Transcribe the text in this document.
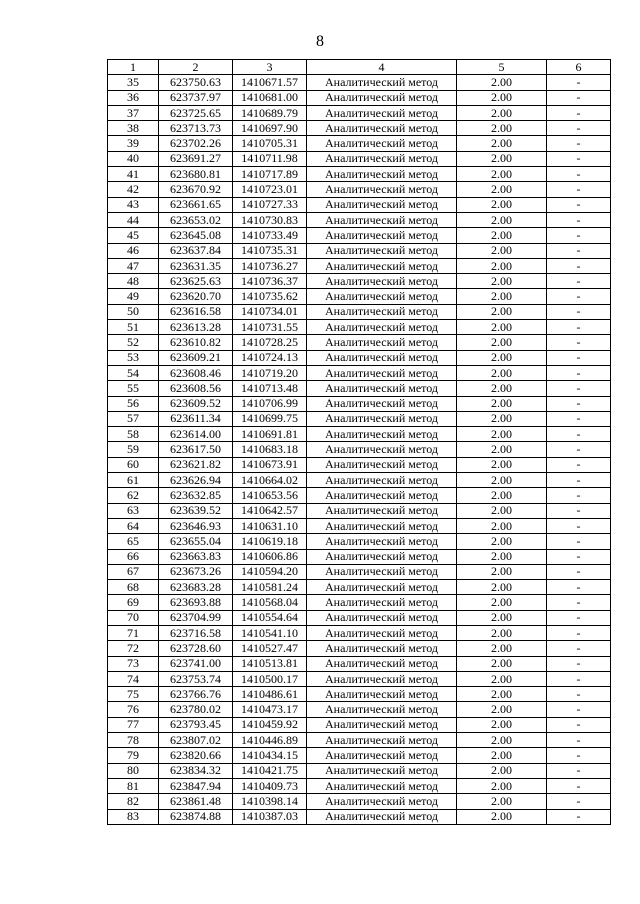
8
1	2	3	4	5	6
35	623750.63	1410671.57	Аналитический метод	2.00	-
36	623737.97	1410681.00	Аналитический метод	2.00	-
37	623725.65	1410689.79	Аналитический метод	2.00	-
38	623713.73	1410697.90	Аналитический метод	2.00	-
39	623702.26	1410705.31	Аналитический метод	2.00	-
40	623691.27	1410711.98	Аналитический метод	2.00	-
41	623680.81	1410717.89	Аналитический метод	2.00	-
42	623670.92	1410723.01	Аналитический метод	2.00	-
43	623661.65	1410727.33	Аналитический метод	2.00	-
44	623653.02	1410730.83	Аналитический метод	2.00	-
45	623645.08	1410733.49	Аналитический метод	2.00	-
46	623637.84	1410735.31	Аналитический метод	2.00	-
47	623631.35	1410736.27	Аналитический метод	2.00	-
48	623625.63	1410736.37	Аналитический метод	2.00	-
49	623620.70	1410735.62	Аналитический метод	2.00	-
50	623616.58	1410734.01	Аналитический метод	2.00	-
51	623613.28	1410731.55	Аналитический метод	2.00	-
52	623610.82	1410728.25	Аналитический метод	2.00	-
53	623609.21	1410724.13	Аналитический метод	2.00	-
54	623608.46	1410719.20	Аналитический метод	2.00	-
55	623608.56	1410713.48	Аналитический метод	2.00	-
56	623609.52	1410706.99	Аналитический метод	2.00	-
57	623611.34	1410699.75	Аналитический метод	2.00	-
58	623614.00	1410691.81	Аналитический метод	2.00	-
59	623617.50	1410683.18	Аналитический метод	2.00	-
60	623621.82	1410673.91	Аналитический метод	2.00	-
61	623626.94	1410664.02	Аналитический метод	2.00	-
62	623632.85	1410653.56	Аналитический метод	2.00	-
63	623639.52	1410642.57	Аналитический метод	2.00	-
64	623646.93	1410631.10	Аналитический метод	2.00	-
65	623655.04	1410619.18	Аналитический метод	2.00	-
66	623663.83	1410606.86	Аналитический метод	2.00	-
67	623673.26	1410594.20	Аналитический метод	2.00	-
68	623683.28	1410581.24	Аналитический метод	2.00	-
69	623693.88	1410568.04	Аналитический метод	2.00	-
70	623704.99	1410554.64	Аналитический метод	2.00	-
71	623716.58	1410541.10	Аналитический метод	2.00	-
72	623728.60	1410527.47	Аналитический метод	2.00	-
73	623741.00	1410513.81	Аналитический метод	2.00	-
74	623753.74	1410500.17	Аналитический метод	2.00	-
75	623766.76	1410486.61	Аналитический метод	2.00	-
76	623780.02	1410473.17	Аналитический метод	2.00	-
77	623793.45	1410459.92	Аналитический метод	2.00	-
78	623807.02	1410446.89	Аналитический метод	2.00	-
79	623820.66	1410434.15	Аналитический метод	2.00	-
80	623834.32	1410421.75	Аналитический метод	2.00	-
81	623847.94	1410409.73	Аналитический метод	2.00	-
82	623861.48	1410398.14	Аналитический метод	2.00	-
83	623874.88	1410387.03	Аналитический метод	2.00	-
